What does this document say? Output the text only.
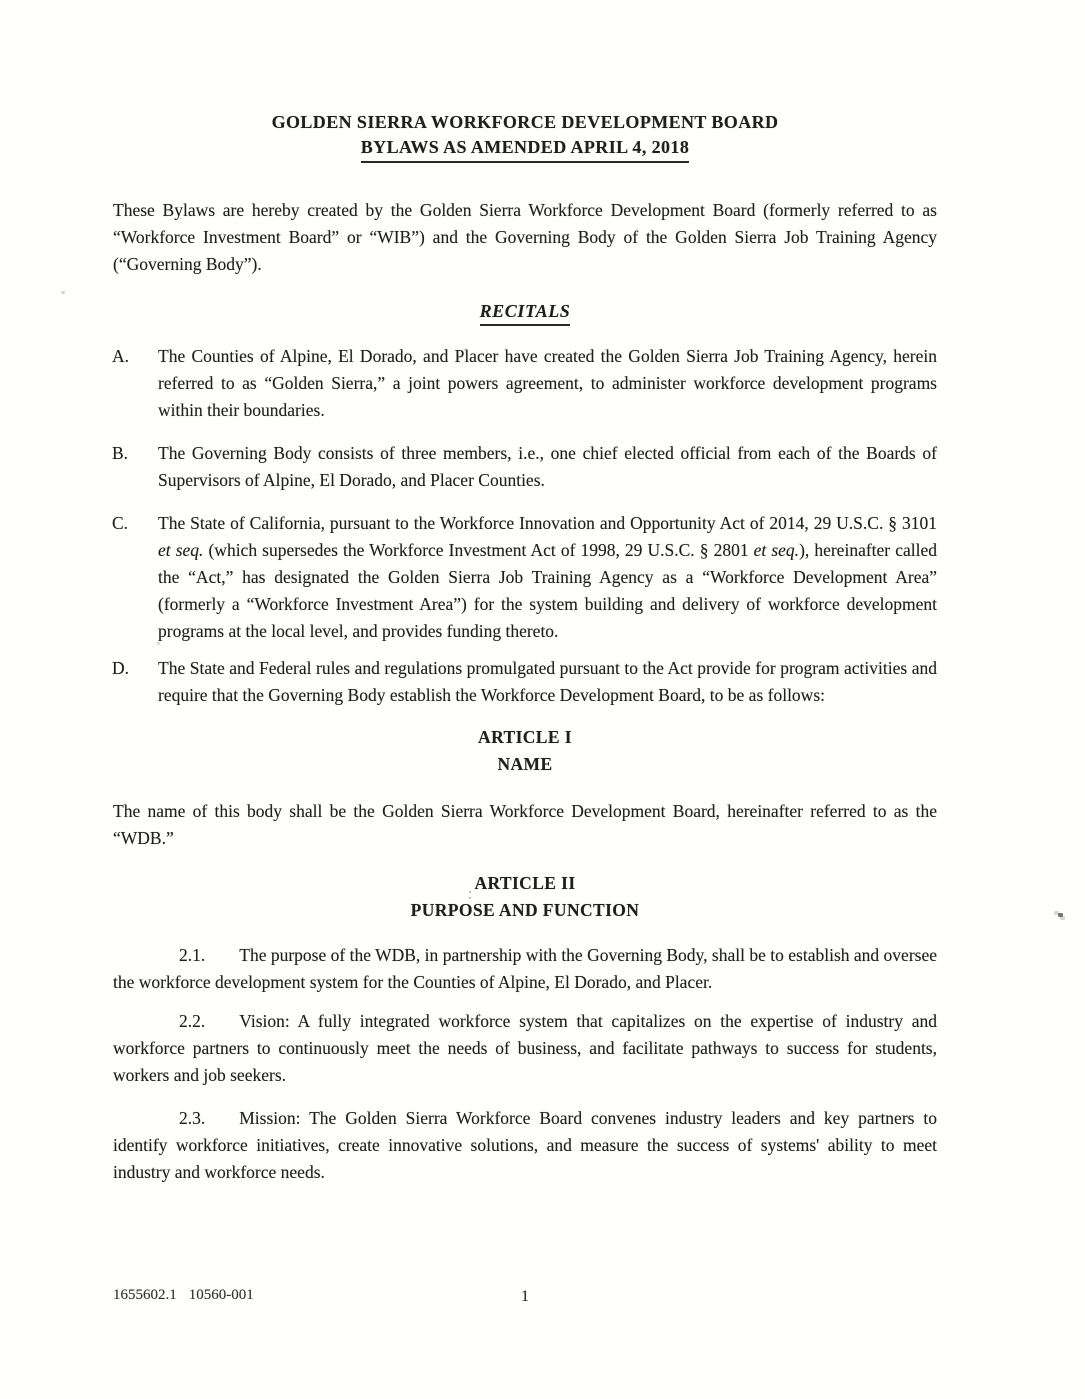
GOLDEN SIERRA WORKFORCE DEVELOPMENT BOARD
BYLAWS AS AMENDED APRIL 4, 2018

These Bylaws are hereby created by the Golden Sierra Workforce Development Board (formerly referred to as “Workforce Investment Board” or “WIB”) and the Governing Body of the Golden Sierra Job Training Agency (“Governing Body”).

RECITALS
A. The Counties of Alpine, El Dorado, and Placer have created the Golden Sierra Job Training Agency, herein referred to as “Golden Sierra,” a joint powers agreement, to administer workforce development programs within their boundaries.

B. The Governing Body consists of three members, i.e., one chief elected official from each of the Boards of Supervisors of Alpine, El Dorado, and Placer Counties.

C. The State of California, pursuant to the Workforce Innovation and Opportunity Act of 2014, 29 U.S.C. § 3101 et seq. (which supersedes the Workforce Investment Act of 1998, 29 U.S.C. § 2801 et seq.), hereinafter called the “Act,” has designated the Golden Sierra Job Training Agency as a “Workforce Development Area” (formerly a “Workforce Investment Area”) for the system building and delivery of workforce development programs at the local level, and provides funding thereto.

D. The State and Federal rules and regulations promulgated pursuant to the Act provide for program activities and require that the Governing Body establish the Workforce Development Board, to be as follows:

ARTICLE I
NAME

The name of this body shall be the Golden Sierra Workforce Development Board, hereinafter referred to as the “WDB.”

ARTICLE II
PURPOSE AND FUNCTION

2.1. The purpose of the WDB, in partnership with the Governing Body, shall be to establish and oversee the workforce development system for the Counties of Alpine, El Dorado, and Placer.

2.2. Vision: A fully integrated workforce system that capitalizes on the expertise of industry and workforce partners to continuously meet the needs of business, and facilitate pathways to success for students, workers and job seekers.

2.3. Mission: The Golden Sierra Workforce Board convenes industry leaders and key partners to identify workforce initiatives, create innovative solutions, and measure the success of systems' ability to meet industry and workforce needs.

1655602.1 10560-001	1
